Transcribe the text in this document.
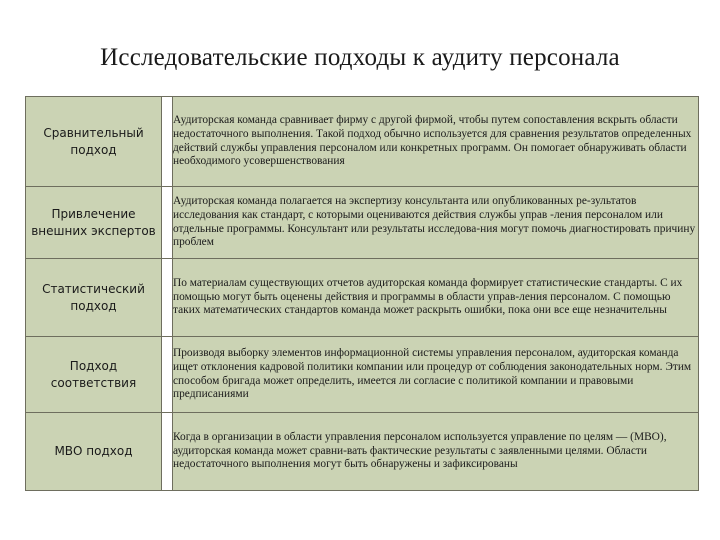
Исследовательские подходы к аудиту персонала
Сравнительный подход		Аудиторская команда сравнивает фирму с другой фирмой, чтобы путем сопоставления вскрыть области недостаточного выполнения. Такой подход обычно используется для сравнения результатов определенных действий службы управления персоналом или конкретных программ. Он помогает обнаруживать области необходимого усовершенствования

Привлечение внешних экспертов		Аудиторская команда полагается на экспертизу консультанта или опубликованных ре-зультатов исследования как стандарт, с которыми оцениваются действия службы управ -ления персоналом или отдельные программы. Консультант или результаты исследова-ния могут помочь диагностировать причину проблем

Статистический подход		По материалам существующих отчетов аудиторская команда формирует статистические стандарты. С их помощью могут быть оценены действия и программы в области управ-ления персоналом. С помощью таких математических стандартов команда может раскрыть ошибки, пока они все еще незначительны

Подход соответствия		Производя выборку элементов информационной системы управления персоналом, аудиторская команда ищет отклонения кадровой политики компании или процедур от соблюдения законодательных норм. Этим способом бригада может определить, имеется ли согласие с политикой компании и правовыми предписаниями

МВО подход		Когда в организации в области управления персоналом используется управление по целям — (МВО), аудиторская команда может сравни-вать фактические результаты с заявленными целями. Области недостаточного выполнения могут быть обнаружены и зафиксированы
